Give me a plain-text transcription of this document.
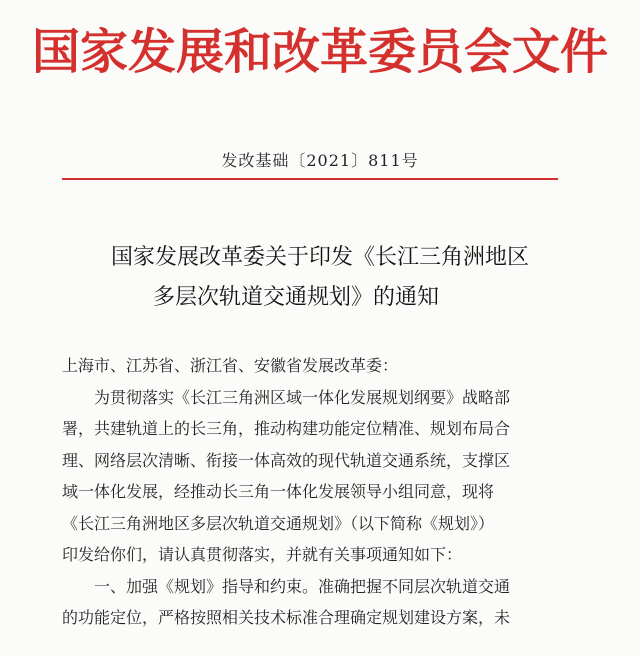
国家发展和改革委员会文件
发改基础〔2021〕811号
国家发展改革委关于印发《长江三角洲地区
多层次轨道交通规划》的通知

上海市、江苏省、浙江省、安徽省发展改革委：

为贯彻落实《长江三角洲区域一体化发展规划纲要》战略部

署，共建轨道上的长三角，推动构建功能定位精准、规划布局合

理、网络层次清晰、衔接一体高效的现代轨道交通系统，支撑区

域一体化发展，经推动长三角一体化发展领导小组同意，现将

《长江三角洲地区多层次轨道交通规划》（以下简称《规划》）

印发给你们，请认真贯彻落实，并就有关事项通知如下：

一、加强《规划》指导和约束。准确把握不同层次轨道交通

的功能定位，严格按照相关技术标准合理确定规划建设方案，未
